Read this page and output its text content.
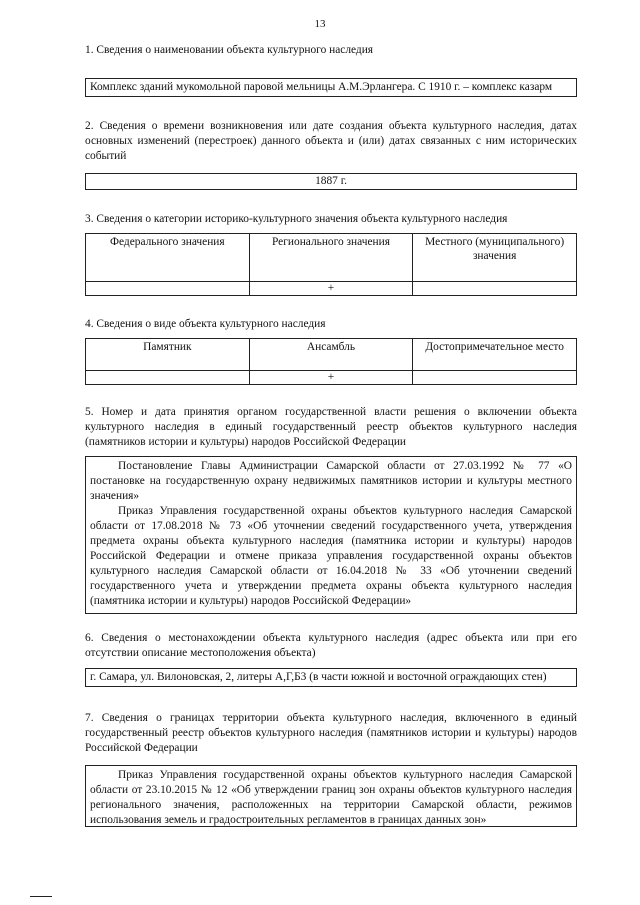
13
1. Сведения о наименовании объекта культурного наследия
Комплекс зданий мукомольной паровой мельницы А.М.Эрлангера. С 1910 г. – комплекс казарм
2. Сведения о времени возникновения или дате создания объекта культурного наследия, датах основных изменений (перестроек) данного объекта и (или) датах связанных с ним исторических событий
1887 г.
3. Сведения о категории историко-культурного значения объекта культурного наследия
Федерального значения	Регионального значения	Местного (муниципального) значения
	+	
4. Сведения о виде объекта культурного наследия
Памятник	Ансамбль	Достопримечательное место
	+	
5. Номер и дата принятия органом государственной власти решения о включении объекта культурного наследия в единый государственный реестр объектов культурного наследия (памятников истории и культуры) народов Российской Федерации
Постановление Главы Администрации Самарской области от 27.03.1992 № 77 «О постановке на государственную охрану недвижимых памятников истории и культуры местного значения»
Приказ Управления государственной охраны объектов культурного наследия Самарской области от 17.08.2018 № 73 «Об уточнении сведений государственного учета, утверждения предмета охраны объекта культурного наследия (памятника истории и культуры) народов Российской Федерации и отмене приказа управления государственной охраны объектов культурного наследия Самарской области от 16.04.2018 № 33 «Об уточнении сведений государственного учета и утверждении предмета охраны объекта культурного наследия (памятника истории и культуры) народов Российской Федерации»
6. Сведения о местонахождении объекта культурного наследия (адрес объекта или при его отсутствии описание местоположения объекта)
г. Самара, ул. Вилоновская, 2, литеры А,Г,Б3 (в части южной и восточной ограждающих стен)
7. Сведения о границах территории объекта культурного наследия, включенного в единый государственный реестр объектов культурного наследия (памятников истории и культуры) народов Российской Федерации
Приказ Управления государственной охраны объектов культурного наследия Самарской области от 23.10.2015 № 12 «Об утверждении границ зон охраны объектов культурного наследия регионального значения, расположенных на территории Самарской области, режимов использования земель и градостроительных регламентов в границах данных зон»
